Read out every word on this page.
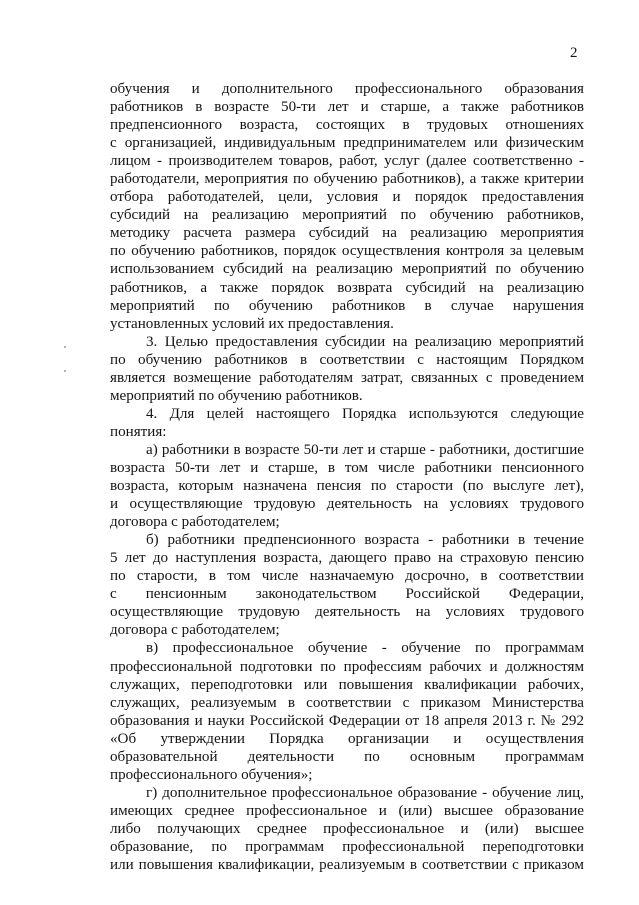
2
обучения и дополнительного профессионального образования
работников в возрасте 50-ти лет и старше, а также работников
предпенсионного возраста, состоящих в трудовых отношениях
с организацией, индивидуальным предпринимателем или физическим
лицом - производителем товаров, работ, услуг (далее соответственно -
работодатели, мероприятия по обучению работников), а также критерии
отбора работодателей, цели, условия и порядок предоставления
субсидий на реализацию мероприятий по обучению работников,
методику расчета размера субсидий на реализацию мероприятия
по обучению работников, порядок осуществления контроля за целевым
использованием субсидий на реализацию мероприятий по обучению
работников, а также порядок возврата субсидий на реализацию
мероприятий по обучению работников в случае нарушения
установленных условий их предоставления.
3. Целью предоставления субсидии на реализацию мероприятий
по обучению работников в соответствии с настоящим Порядком
является возмещение работодателям затрат, связанных с проведением
мероприятий по обучению работников.
4. Для целей настоящего Порядка используются следующие
понятия:
а) работники в возрасте 50-ти лет и старше - работники, достигшие
возраста 50-ти лет и старше, в том числе работники пенсионного
возраста, которым назначена пенсия по старости (по выслуге лет),
и осуществляющие трудовую деятельность на условиях трудового
договора с работодателем;
б) работники предпенсионного возраста - работники в течение
5 лет до наступления возраста, дающего право на страховую пенсию
по старости, в том числе назначаемую досрочно, в соответствии
с пенсионным законодательством Российской Федерации,
осуществляющие трудовую деятельность на условиях трудового
договора с работодателем;
в) профессиональное обучение - обучение по программам
профессиональной подготовки по профессиям рабочих и должностям
служащих, переподготовки или повышения квалификации рабочих,
служащих, реализуемым в соответствии с приказом Министерства
образования и науки Российской Федерации от 18 апреля 2013 г. № 292
«Об утверждении Порядка организации и осуществления
образовательной деятельности по основным программам
профессионального обучения»;
г) дополнительное профессиональное образование - обучение лиц,
имеющих среднее профессиональное и (или) высшее образование
либо получающих среднее профессиональное и (или) высшее
образование, по программам профессиональной переподготовки
или повышения квалификации, реализуемым в соответствии с приказом
